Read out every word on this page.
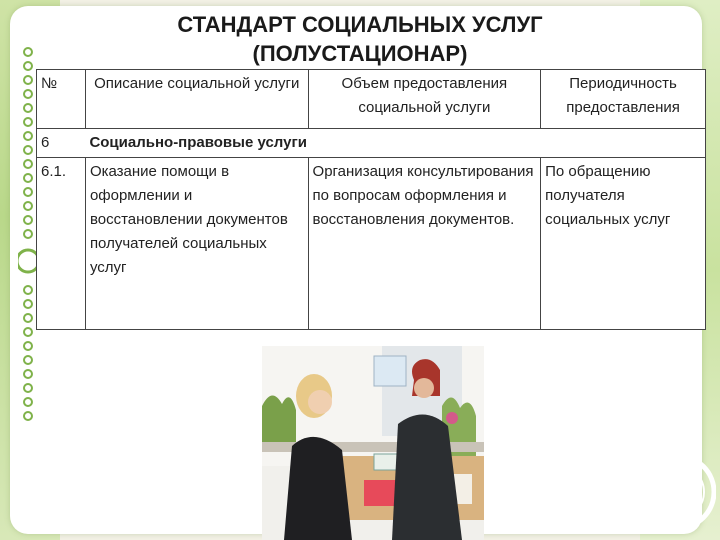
СТАНДАРТ СОЦИАЛЬНЫХ УСЛУГ (ПОЛУСТАЦИОНАР)
№	Описание социальной услуги	Объем предоставления социальной услуги	Периодичность предоставления
6	Социально-правовые услуги		
6.1.	Оказание помощи в оформлении и восстановлении документов получателей социальных услуг	Организация консультирования по вопросам оформления и восстановления документов.	По обращению получателя социальных услуг
